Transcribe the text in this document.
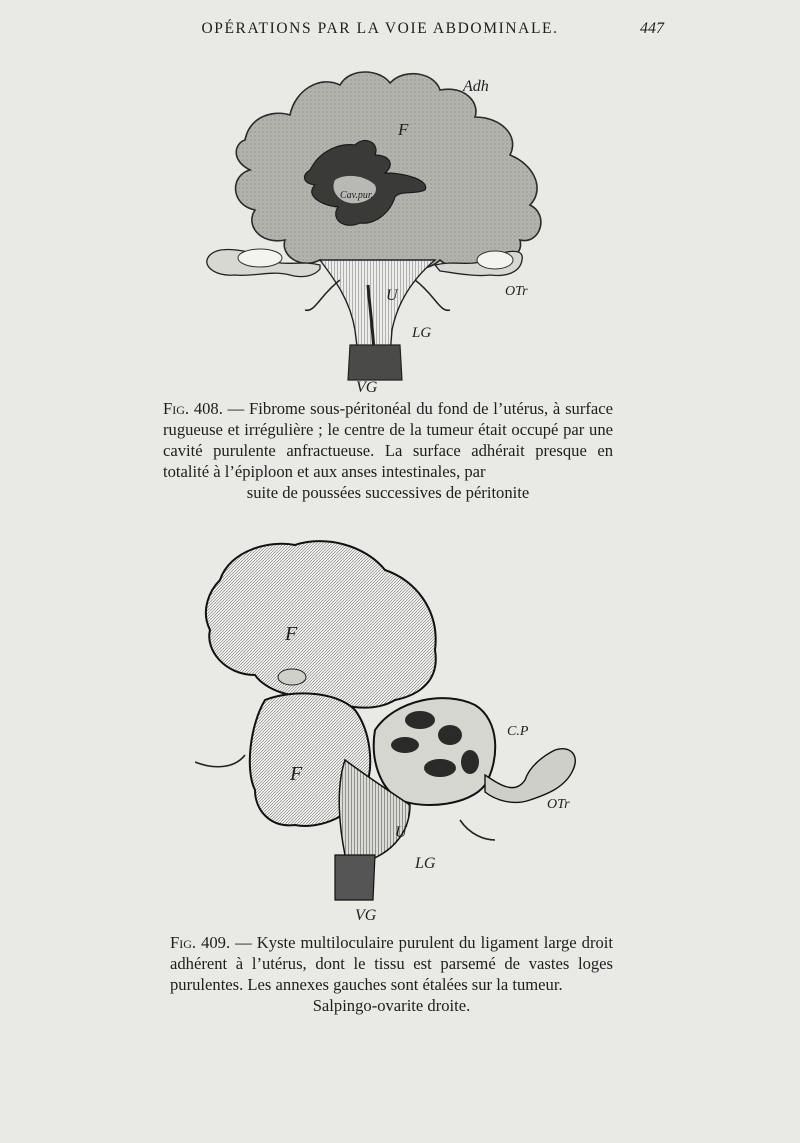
OPÉRATIONS PAR LA VOIE ABDOMINALE.	447
Adh
F
Cav.pur.
OTr
U
LG
VG
Fig. 408. — Fibrome sous-péritonéal du fond de l’utérus, à surface rugueuse et irrégulière ; le centre de la tumeur était occupé par une cavité purulente anfractueuse. La surface adhérait presque en totalité à l’épiploon et aux anses intestinales, par
suite de poussées successives de péritonite
F
F
C.P
OTr
U
LG
VG
Fig. 409. — Kyste multiloculaire purulent du ligament large droit adhérent à l’utérus, dont le tissu est parsemé de vastes loges purulentes. Les annexes gauches sont étalées sur la tumeur.
Salpingo-ovarite droite.
